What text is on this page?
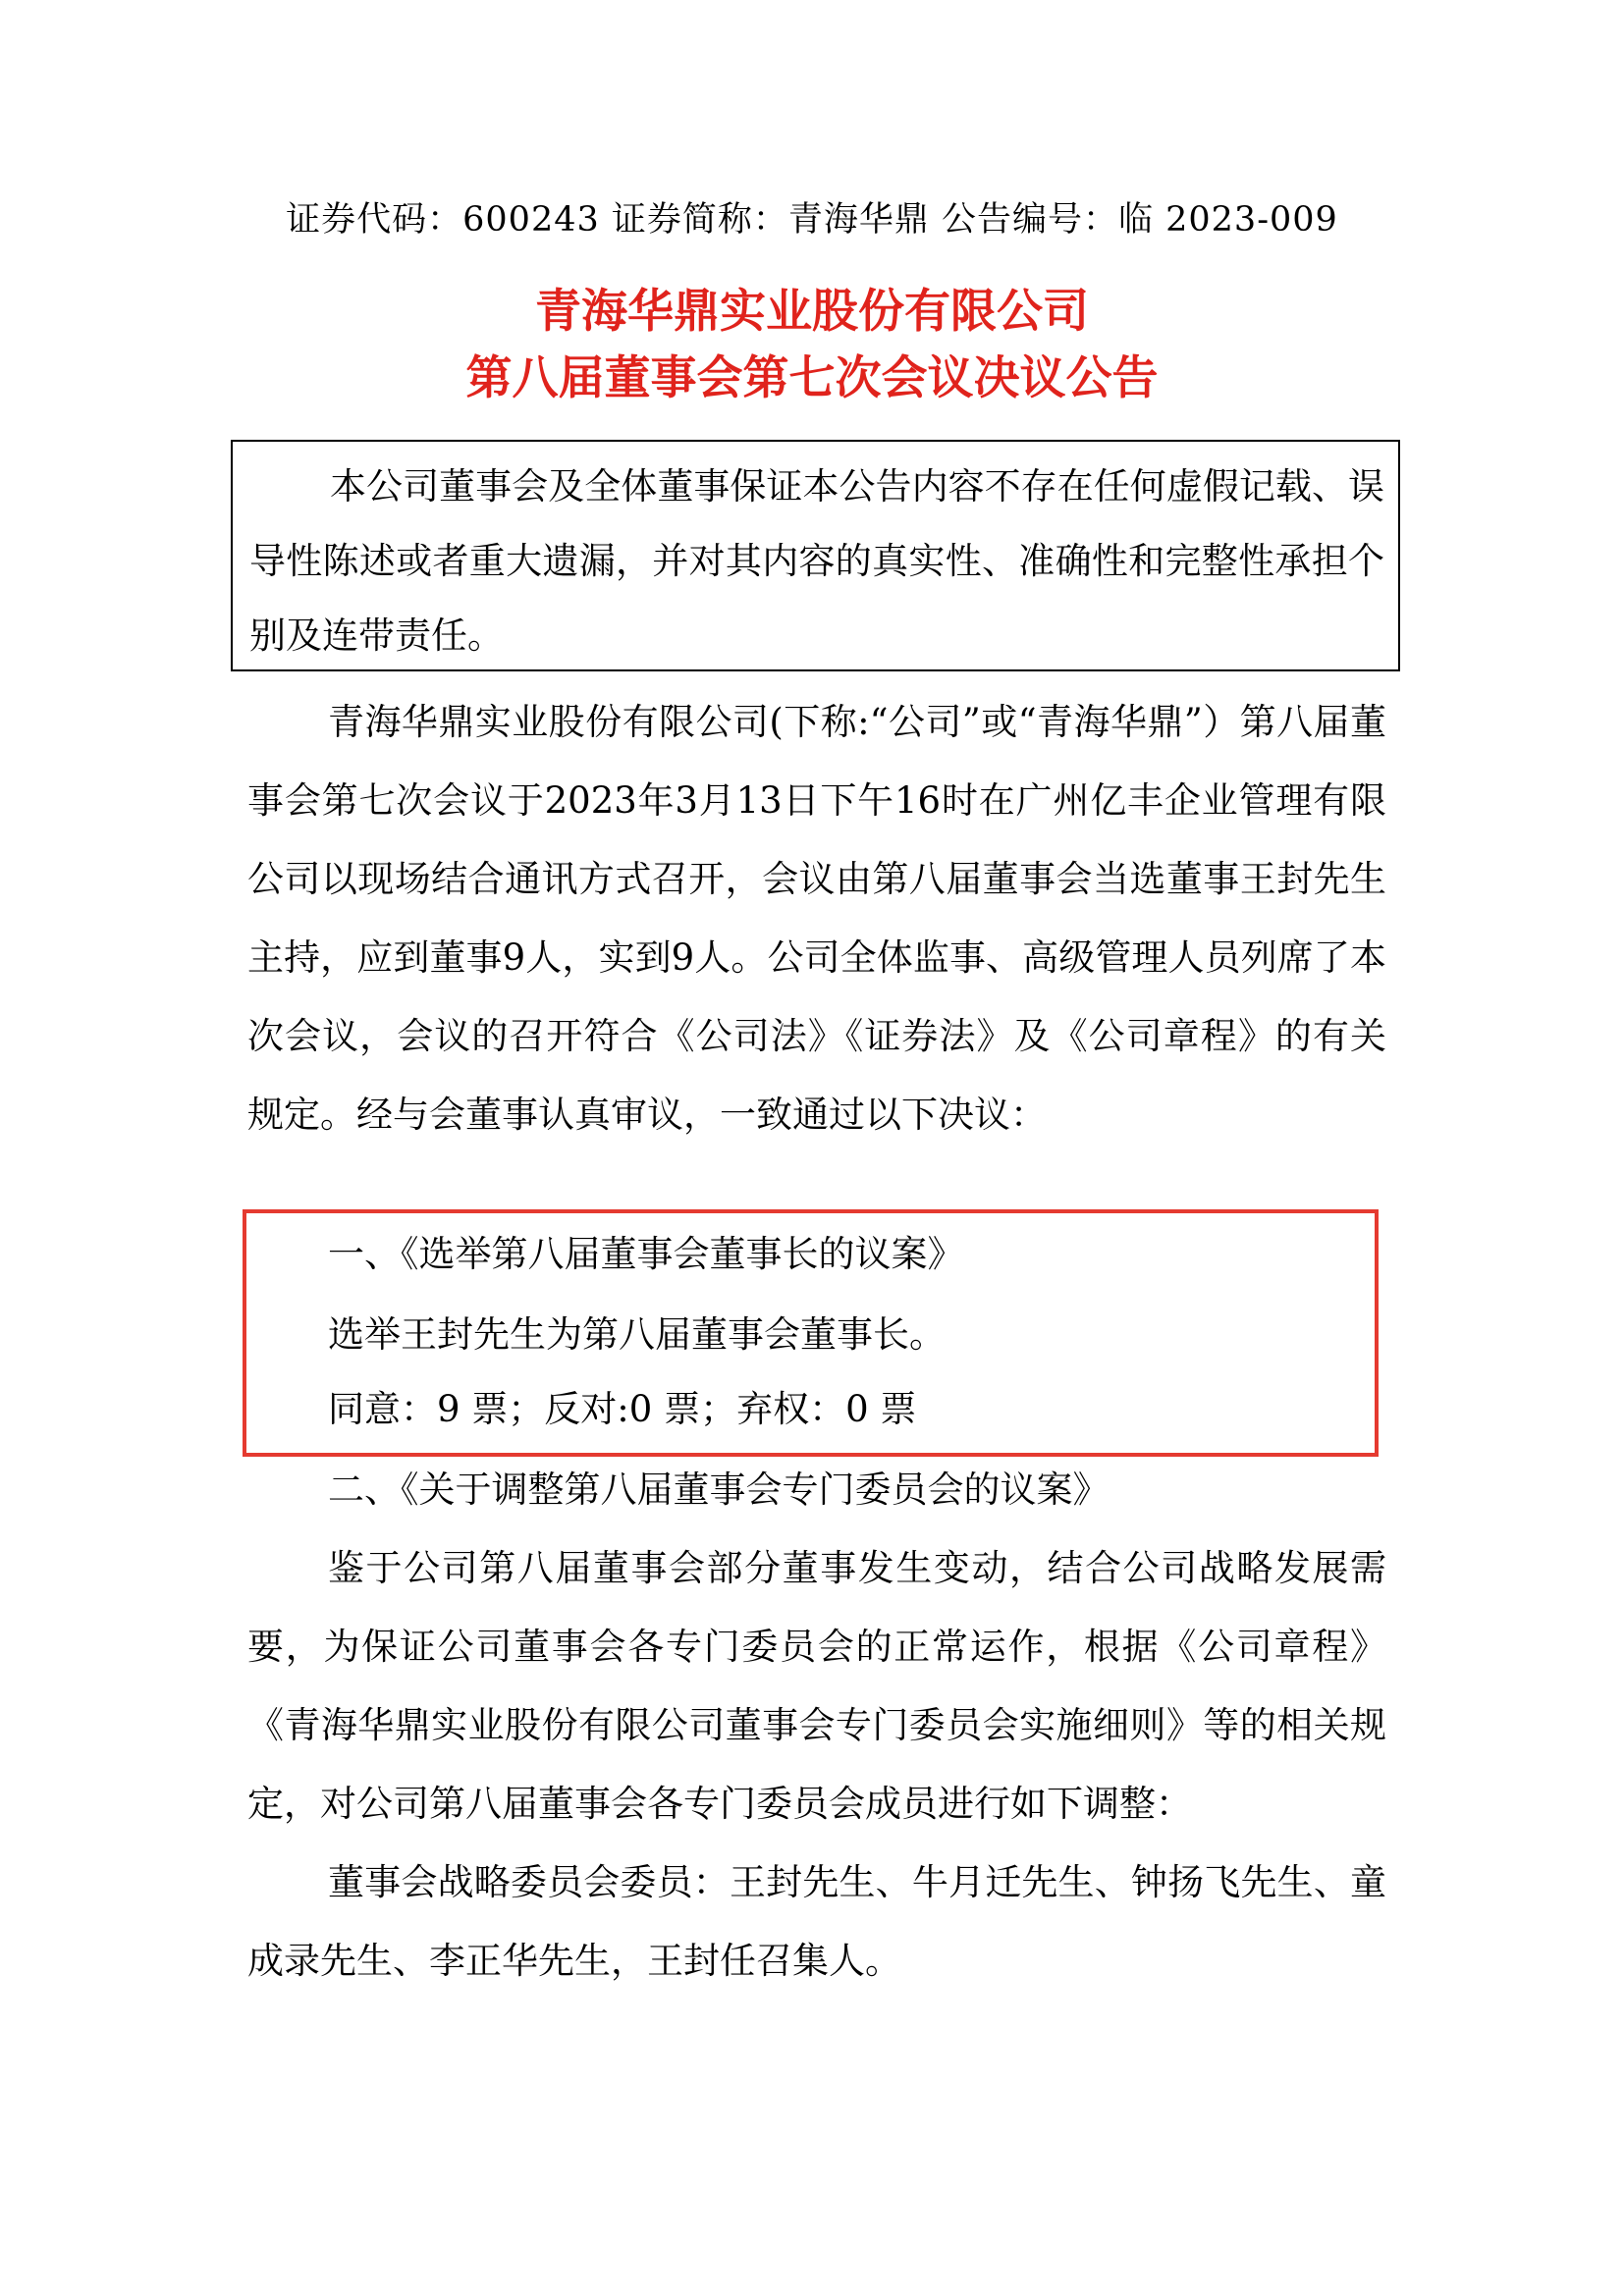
证券代码：600243 证券简称：青海华鼎 公告编号：临 2023-009
青海华鼎实业股份有限公司
第八届董事会第七次会议决议公告

本公司董事会及全体董事保证本公告内容不存在任何虚假记载、误导性陈述或者重大遗漏，并对其内容的真实性、准确性和完整性承担个别及连带责任。

青海华鼎实业股份有限公司(下称:“公司”或“青海华鼎”）第八届董事会第七次会议于2023年3月13日下午16时在广州亿丰企业管理有限公司以现场结合通讯方式召开，会议由第八届董事会当选董事王封先生主持，应到董事9人，实到9人。公司全体监事、高级管理人员列席了本次会议，会议的召开符合《公司法》《证券法》及《公司章程》的有关规定。经与会董事认真审议，一致通过以下决议：

一、《选举第八届董事会董事长的议案》
选举王封先生为第八届董事会董事长。
同意：9 票；反对:0 票；弃权：0 票

二、《关于调整第八届董事会专门委员会的议案》

鉴于公司第八届董事会部分董事发生变动，结合公司战略发展需要，为保证公司董事会各专门委员会的正常运作，根据《公司章程》《青海华鼎实业股份有限公司董事会专门委员会实施细则》等的相关规定，对公司第八届董事会各专门委员会成员进行如下调整：

董事会战略委员会委员：王封先生、牛月迁先生、钟扬飞先生、童成录先生、李正华先生，王封任召集人。
